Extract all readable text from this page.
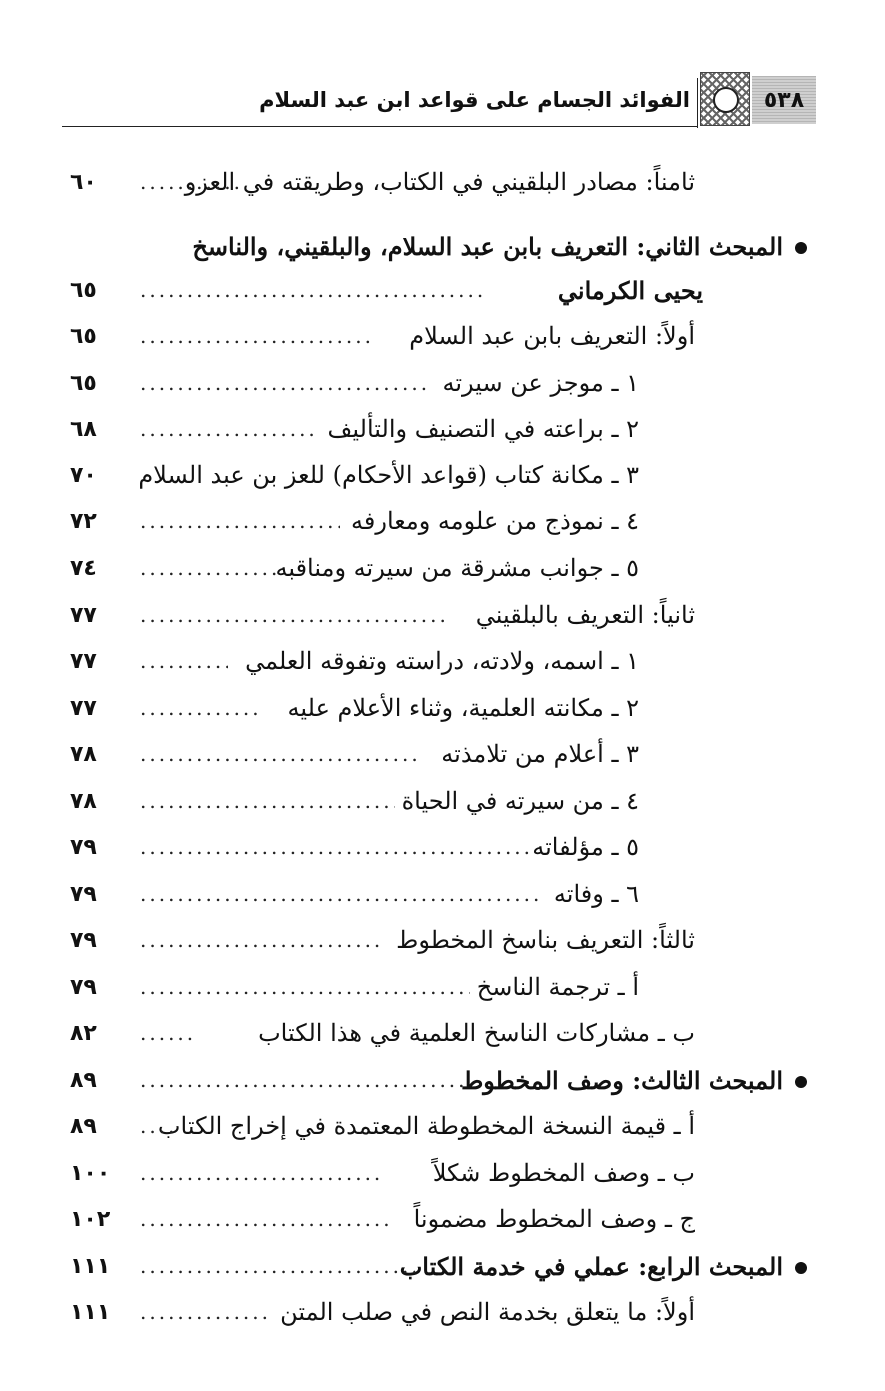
٥٣٨
الفوائد الجسام على قواعد ابن عبد السلام
ثامناً: مصادر البلقيني في الكتاب، وطريقته في العزو
.....
٦٠
المبحث الثاني: التعريف بابن عبد السلام، والبلقيني، والناسخ
يحيى الكرماني
.....
٦٥
أولاً: التعريف بابن عبد السلام
.....
٦٥
١ ـ موجز عن سيرته
.....
٦٥
٢ ـ براعته في التصنيف والتأليف
.....
٦٨
٣ ـ مكانة كتاب (قواعد الأحكام) للعز بن عبد السلام
٧٠
٤ ـ نموذج من علومه ومعارفه
.....
٧٢
٥ ـ جوانب مشرقة من سيرته ومناقبه
.....
٧٤
ثانياً: التعريف بالبلقيني
.....
٧٧
١ ـ اسمه، ولادته، دراسته وتفوقه العلمي
.....
٧٧
٢ ـ مكانته العلمية، وثناء الأعلام عليه
.....
٧٧
٣ ـ أعلام من تلامذته
.....
٧٨
٤ ـ من سيرته في الحياة
.....
٧٨
٥ ـ مؤلفاته
.....
٧٩
٦ ـ وفاته
.....
٧٩
ثالثاً: التعريف بناسخ المخطوط
.....
٧٩
أ ـ ترجمة الناسخ
.....
٧٩
ب ـ مشاركات الناسخ العلمية في هذا الكتاب
.....
٨٢
المبحث الثالث: وصف المخطوط
.....
٨٩
أ ـ قيمة النسخة المخطوطة المعتمدة في إخراج الكتاب
.....
٨٩
ب ـ وصف المخطوط شكلاً
.....
١٠٠
ج ـ وصف المخطوط مضموناً
.....
١٠٢
المبحث الرابع: عملي في خدمة الكتاب
.....
١١١
أولاً: ما يتعلق بخدمة النص في صلب المتن
.....
١١١
